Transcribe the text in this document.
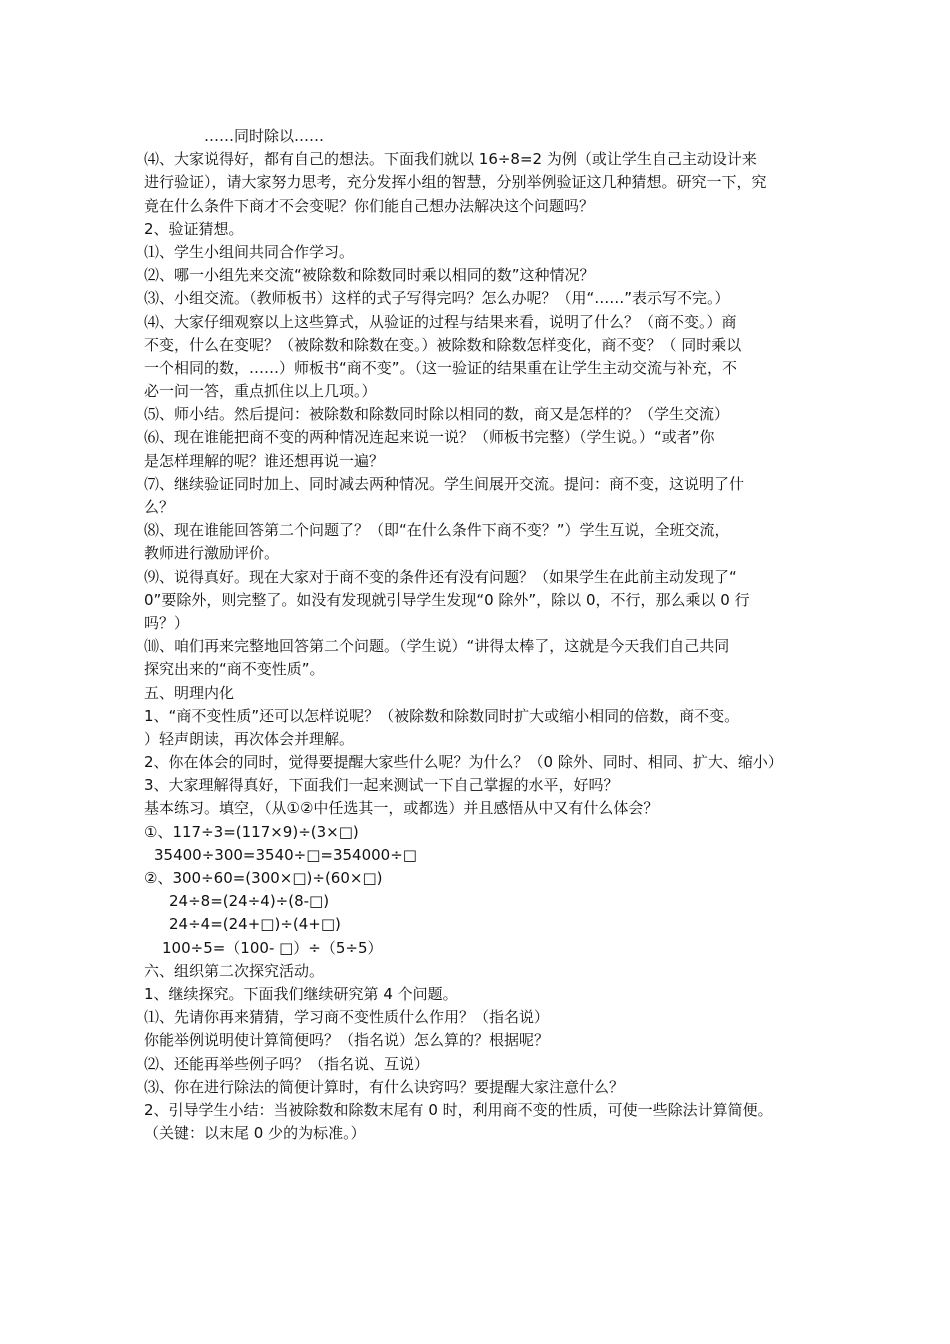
……同时除以……
⑷、大家说得好，都有自己的想法。下面我们就以 16÷8=2 为例（或让学生自己主动设计来
进行验证），请大家努力思考，充分发挥小组的智慧，分别举例验证这几种猜想。研究一下，究
竟在什么条件下商才不会变呢？你们能自己想办法解决这个问题吗？
2、验证猜想。
⑴、学生小组间共同合作学习。
⑵、哪一小组先来交流“被除数和除数同时乘以相同的数”这种情况？
⑶、小组交流。（教师板书）这样的式子写得完吗？怎么办呢？（用“……”表示写不完。）
⑷、大家仔细观察以上这些算式，从验证的过程与结果来看，说明了什么？（商不变。）商
不变，什么在变呢？（被除数和除数在变。）被除数和除数怎样变化，商不变？（ 同时乘以
一个相同的数，……）师板书“商不变”。（这一验证的结果重在让学生主动交流与补充，不
必一问一答，重点抓住以上几项。）
⑸、师小结。然后提问：被除数和除数同时除以相同的数，商又是怎样的？（学生交流）
⑹、现在谁能把商不变的两种情况连起来说一说？（师板书完整）（学生说。）“或者”你
是怎样理解的呢？谁还想再说一遍？
⑺、继续验证同时加上、同时减去两种情况。学生间展开交流。提问：商不变，这说明了什
么？
⑻、现在谁能回答第二个问题了？（即“在什么条件下商不变？”）学生互说，全班交流，
教师进行激励评价。
⑼、说得真好。现在大家对于商不变的条件还有没有问题？（如果学生在此前主动发现了“
0”要除外，则完整了。如没有发现就引导学生发现“0 除外”，除以 0，不行，那么乘以 0 行
吗？）
⑽、咱们再来完整地回答第二个问题。（学生说）“讲得太棒了，这就是今天我们自己共同
探究出来的“商不变性质”。
五、明理内化
1、“商不变性质”还可以怎样说呢？（被除数和除数同时扩大或缩小相同的倍数，商不变。
）轻声朗读，再次体会并理解。
2、你在体会的同时，觉得要提醒大家些什么呢？为什么？（0 除外、同时、相同、扩大、缩小）
3、大家理解得真好，下面我们一起来测试一下自己掌握的水平，好吗？
基本练习。填空，（从①②中任选其一，或都选）并且感悟从中又有什么体会？
①、117÷3=(117×9)÷(3×□)
35400÷300=3540÷□=354000÷□
②、300÷60=(300×□)÷(60×□)
24÷8=(24÷4)÷(8-□)
24÷4=(24+□)÷(4+□)
100÷5=（100- □）÷（5÷5）
六、组织第二次探究活动。
1、继续探究。下面我们继续研究第 4 个问题。
⑴、先请你再来猜猜，学习商不变性质什么作用？（指名说）
你能举例说明使计算简便吗？（指名说）怎么算的？根据呢？
⑵、还能再举些例子吗？（指名说、互说）
⑶、你在进行除法的简便计算时，有什么诀窍吗？要提醒大家注意什么？
2、引导学生小结：当被除数和除数末尾有 0 时，利用商不变的性质，可使一些除法计算简便。
（关键：以末尾 0 少的为标准。）
